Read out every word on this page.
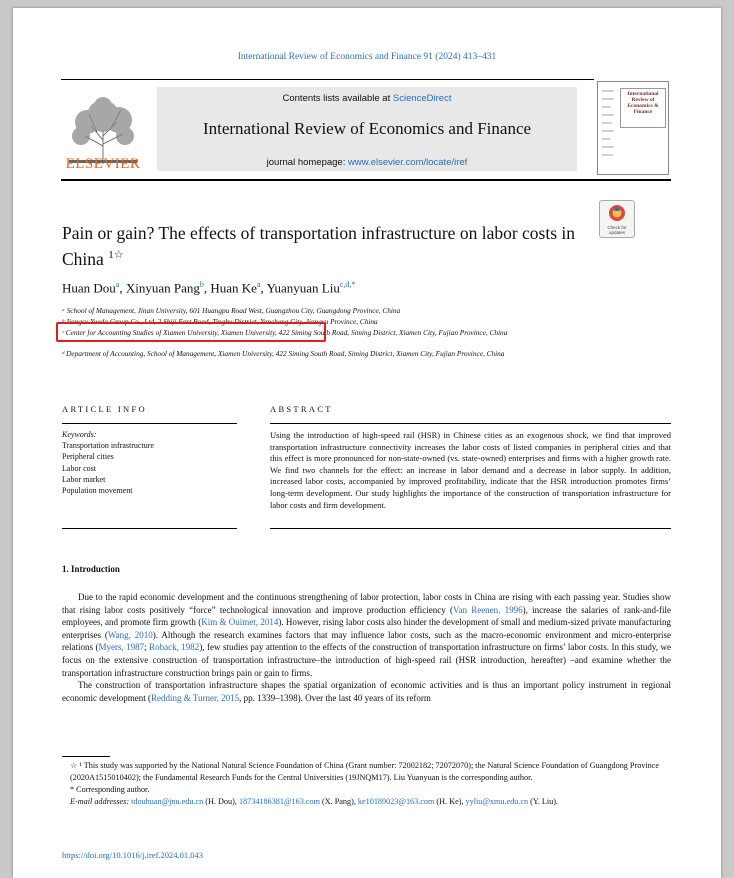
International Review of Economics and Finance 91 (2024) 413–431
ELSEVIER
Contents lists available at ScienceDirect
International Review of Economics and Finance
journal homepage: www.elsevier.com/locate/iref
International Review of Economics & Finance
Check for updates
Pain or gain? The effects of transportation infrastructure on labor costs in China $^{1☆}$
Huan Dou$^a$, Xinyuan Pang$^b$, Huan Ke$^a$, Yuanyuan Liu$^{c,d,*}$
ᵃ School of Management, Jinan University, 601 Huangpu Road West, Guangzhou City, Guangdong Province, China
ᵇ Jiangsu Yueda Group Co., Ltd, 2 Shiji East Road, Tinghu District, Yancheng City, Jiangsu Province, China
ᶜ Center for Accounting Studies of Xiamen University, Xiamen University, 422 Siming South Road, Siming District, Xiamen City, Fujian Province, China
ᵈ Department of Accounting, School of Management, Xiamen University, 422 Siming South Road, Siming District, Xiamen City, Fujian Province, China
ARTICLE INFO	ABSTRACT
Keywords:
Transportation infrastructure
Peripheral cities
Labor cost
Labor market
Population movement
Using the introduction of high-speed rail (HSR) in Chinese cities as an exogenous shock, we find that improved transportation infrastructure connectivity increases the labor costs of listed companies in peripheral cities and that this effect is more pronounced for non-state-owned (vs. state-owned) enterprises and firms with a higher growth rate. We find two channels for the effect: an increase in labor demand and a decrease in labor supply. In addition, increased labor costs, accompanied by improved profitability, indicate that the HSR introduction promotes firms’ long-term development. Our study highlights the importance of the construction of transportation infrastructure for labor costs and firm development.
1. Introduction

Due to the rapid economic development and the continuous strengthening of labor protection, labor costs in China are rising with each passing year. Studies show that rising labor costs positively “force” technological innovation and improve production efficiency (Van Reenen, 1996), increase the salaries of rank-and-file employees, and promote firm growth (Kim & Ouimet, 2014). However, rising labor costs also hinder the development of small and medium-sized private manufacturing enterprises (Wang, 2010). Although the research examines factors that may influence labor costs, such as the macro-economic environment and micro-enterprise relations (Myers, 1987; Roback, 1982), few studies pay attention to the effects of the construction of transportation infrastructure on firms’ labor costs. In this study, we focus on the extensive construction of transportation infrastructure–the introduction of high-speed rail (HSR introduction, hereafter) –and examine whether the transportation infrastructure construction brings pain or gain to firms.

The construction of transportation infrastructure shapes the spatial organization of economic activities and is thus an important policy instrument in regional economic development (Redding & Turner, 2015, pp. 1339–1398). Over the last 40 years of its reform

☆ ¹ This study was supported by the National Natural Science Foundation of China (Grant number: 72002182; 72072070); the Natural Science Foundation of Guangdong Province (2020A1515010402); the Fundamental Research Funds for the Central Universities (19JNQM17). Liu Yuanyuan is the corresponding author.

* Corresponding author.

E-mail addresses: tdouhuan@jnu.edu.cn (H. Dou), 18734186381@163.com (X. Pang), ke10189023@163.com (H. Ke), yyliu@xmu.edu.cn (Y. Liu).

https://doi.org/10.1016/j.iref.2024.01.043
